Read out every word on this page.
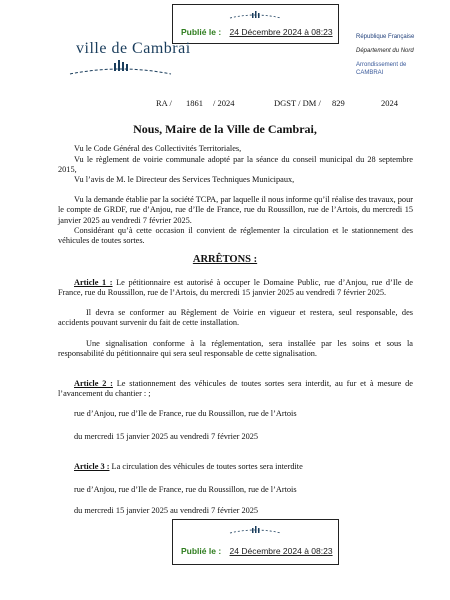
Publié le : 24 Décembre 2024 à 08:23
ville de Cambrai
République Française
Département du Nord
Arrondissement de
CAMBRAI
RA / 1861 / 2024	DGST / DM / 829	2024
Nous, Maire de la Ville de Cambrai,
Vu le Code Général des Collectivités Territoriales,
Vu le règlement de voirie communale adopté par la séance du conseil municipal du 28 septembre 2015,
Vu l’avis de M. le Directeur des Services Techniques Municipaux,
Vu la demande établie par la société TCPA, par laquelle il nous informe qu’il réalise des travaux, pour le compte de GRDF, rue d’Anjou, rue d’Ile de France, rue du Roussillon, rue de l’Artois, du mercredi 15 janvier 2025 au vendredi 7 février 2025.
Considérant qu’à cette occasion il convient de réglementer la circulation et le stationnement des véhicules de toutes sortes.
ARRÊTONS :
Article 1 : Le pétitionnaire est autorisé à occuper le Domaine Public, rue d’Anjou, rue d’Ile de France, rue du Roussillon, rue de l’Artois, du mercredi 15 janvier 2025 au vendredi 7 février 2025.
Il devra se conformer au Règlement de Voirie en vigueur et restera, seul responsable, des accidents pouvant survenir du fait de cette installation.
Une signalisation conforme à la réglementation, sera installée par les soins et sous la responsabilité du pétitionnaire qui sera seul responsable de cette signalisation.
Article 2 : Le stationnement des véhicules de toutes sortes sera interdit, au fur et à mesure de l’avancement du chantier : ;
rue d’Anjou, rue d’Ile de France, rue du Roussillon, rue de l’Artois
du mercredi 15 janvier 2025 au vendredi 7 février 2025
Article 3 : La circulation des véhicules de toutes sortes sera interdite
rue d’Anjou, rue d’Ile de France, rue du Roussillon, rue de l’Artois
du mercredi 15 janvier 2025 au vendredi 7 février 2025
Publié le : 24 Décembre 2024 à 08:23
